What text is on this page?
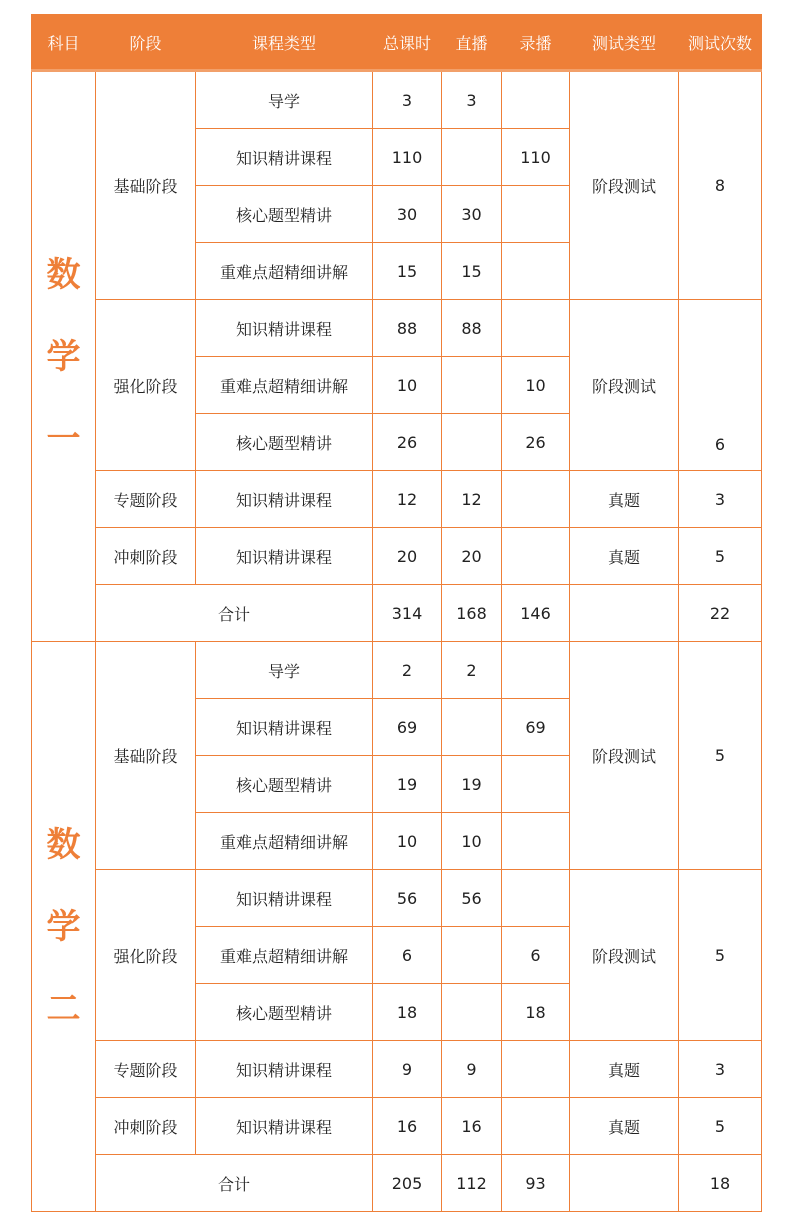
科目	阶段	课程类型	总课时	直播	录播	测试类型	测试次数

数
学
一	基础阶段	导学	3	3		阶段测试	8
		知识精讲课程	110		110		
		核心题型精讲	30	30			
		重难点超精细讲解	15	15			
	强化阶段	知识精讲课程	88	88		阶段测试	6
		重难点超精细讲解	10		10		
		核心题型精讲	26		26		
	专题阶段	知识精讲课程	12	12		真题	3
	冲刺阶段	知识精讲课程	20	20		真题	5
	合计		314	168	146		22

数
学
二	基础阶段	导学	2	2		阶段测试	5
		知识精讲课程	69		69		
		核心题型精讲	19	19			
		重难点超精细讲解	10	10			
	强化阶段	知识精讲课程	56	56		阶段测试	5
		重难点超精细讲解	6		6		
		核心题型精讲	18		18		
	专题阶段	知识精讲课程	9	9		真题	3
	冲刺阶段	知识精讲课程	16	16		真题	5
	合计		205	112	93		18
